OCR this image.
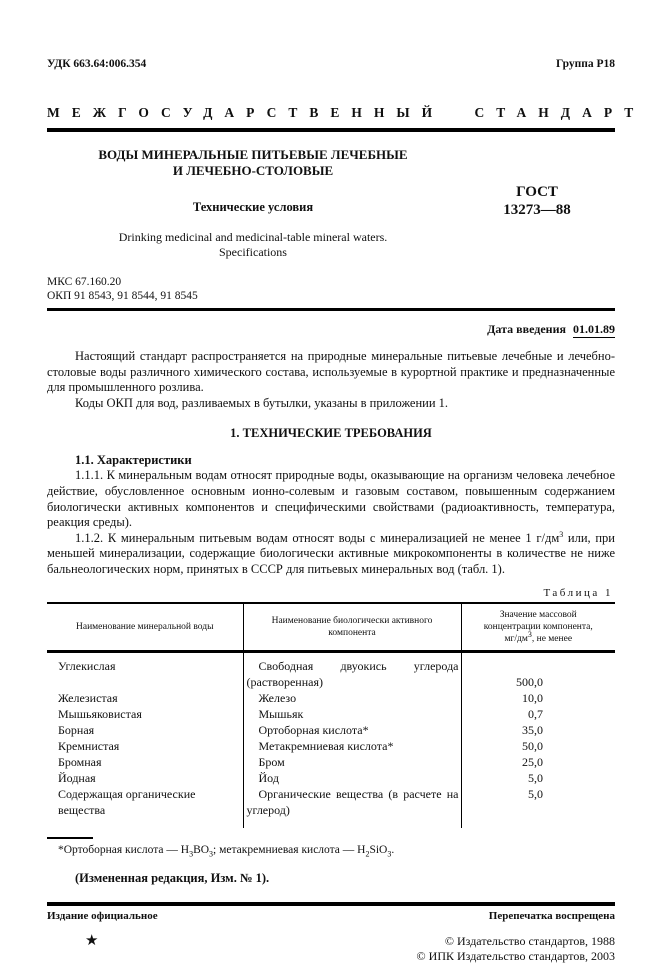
УДК 663.64:006.354	Группа Р18
МЕЖГОСУДАРСТВЕННЫЙ СТАНДАРТ
ВОДЫ МИНЕРАЛЬНЫЕ ПИТЬЕВЫЕ ЛЕЧЕБНЫЕ
И ЛЕЧЕБНО-СТОЛОВЫЕ
Технические условия
Drinking medicinal and medicinal-table mineral waters.
Specifications
ГОСТ
13273—88
МКС 67.160.20
ОКП 91 8543, 91 8544, 91 8545
Дата введения 01.01.89

Настоящий стандарт распространяется на природные минеральные питьевые лечебные и лечебно-столовые воды различного химического состава, используемые в курортной практике и предназначенные для промышленного розлива.

Коды ОКП для вод, разливаемых в бутылки, указаны в приложении 1.

1. ТЕХНИЧЕСКИЕ ТРЕБОВАНИЯ
1.1. Характеристики

1.1.1. К минеральным водам относят природные воды, оказывающие на организм человека лечебное действие, обусловленное основным ионно-солевым и газовым составом, повышенным содержанием биологически активных компонентов и специфическими свойствами (радиоактивность, температура, реакция среды).

1.1.2. К минеральным питьевым водам относят воды с минерализацией не менее 1 $г/дм^3$ или, при меньшей минерализации, содержащие биологически активные микрокомпоненты в количестве не ниже бальнеологических норм, принятых в СССР для питьевых минеральных вод (табл. 1).

Таблица 1
Наименование минеральной воды	Наименование биологически активного компонента	Значение массовой концентрации компонента, $мг/дм^3$, не менее
Углекислая	Свободная двуокись углерода (растворенная)	500,0
Железистая	Железо	10,0
Мышьяковистая	Мышьяк	0,7
Борная	Ортоборная кислота*	35,0
Кремнистая	Метакремниевая кислота*	50,0
Бромная	Бром	25,0
Йодная	Йод	5,0
Содержащая органические вещества	Органические вещества (в расчете на углерод)	5,0
*Ортоборная кислота — $H_3BO_3$; метакремниевая кислота — $H_2SiO_3$.
(Измененная редакция, Изм. № 1).
Издание официальное	Перепечатка воспрещена
★	© Издательство стандартов, 1988
© ИПК Издательство стандартов, 2003
